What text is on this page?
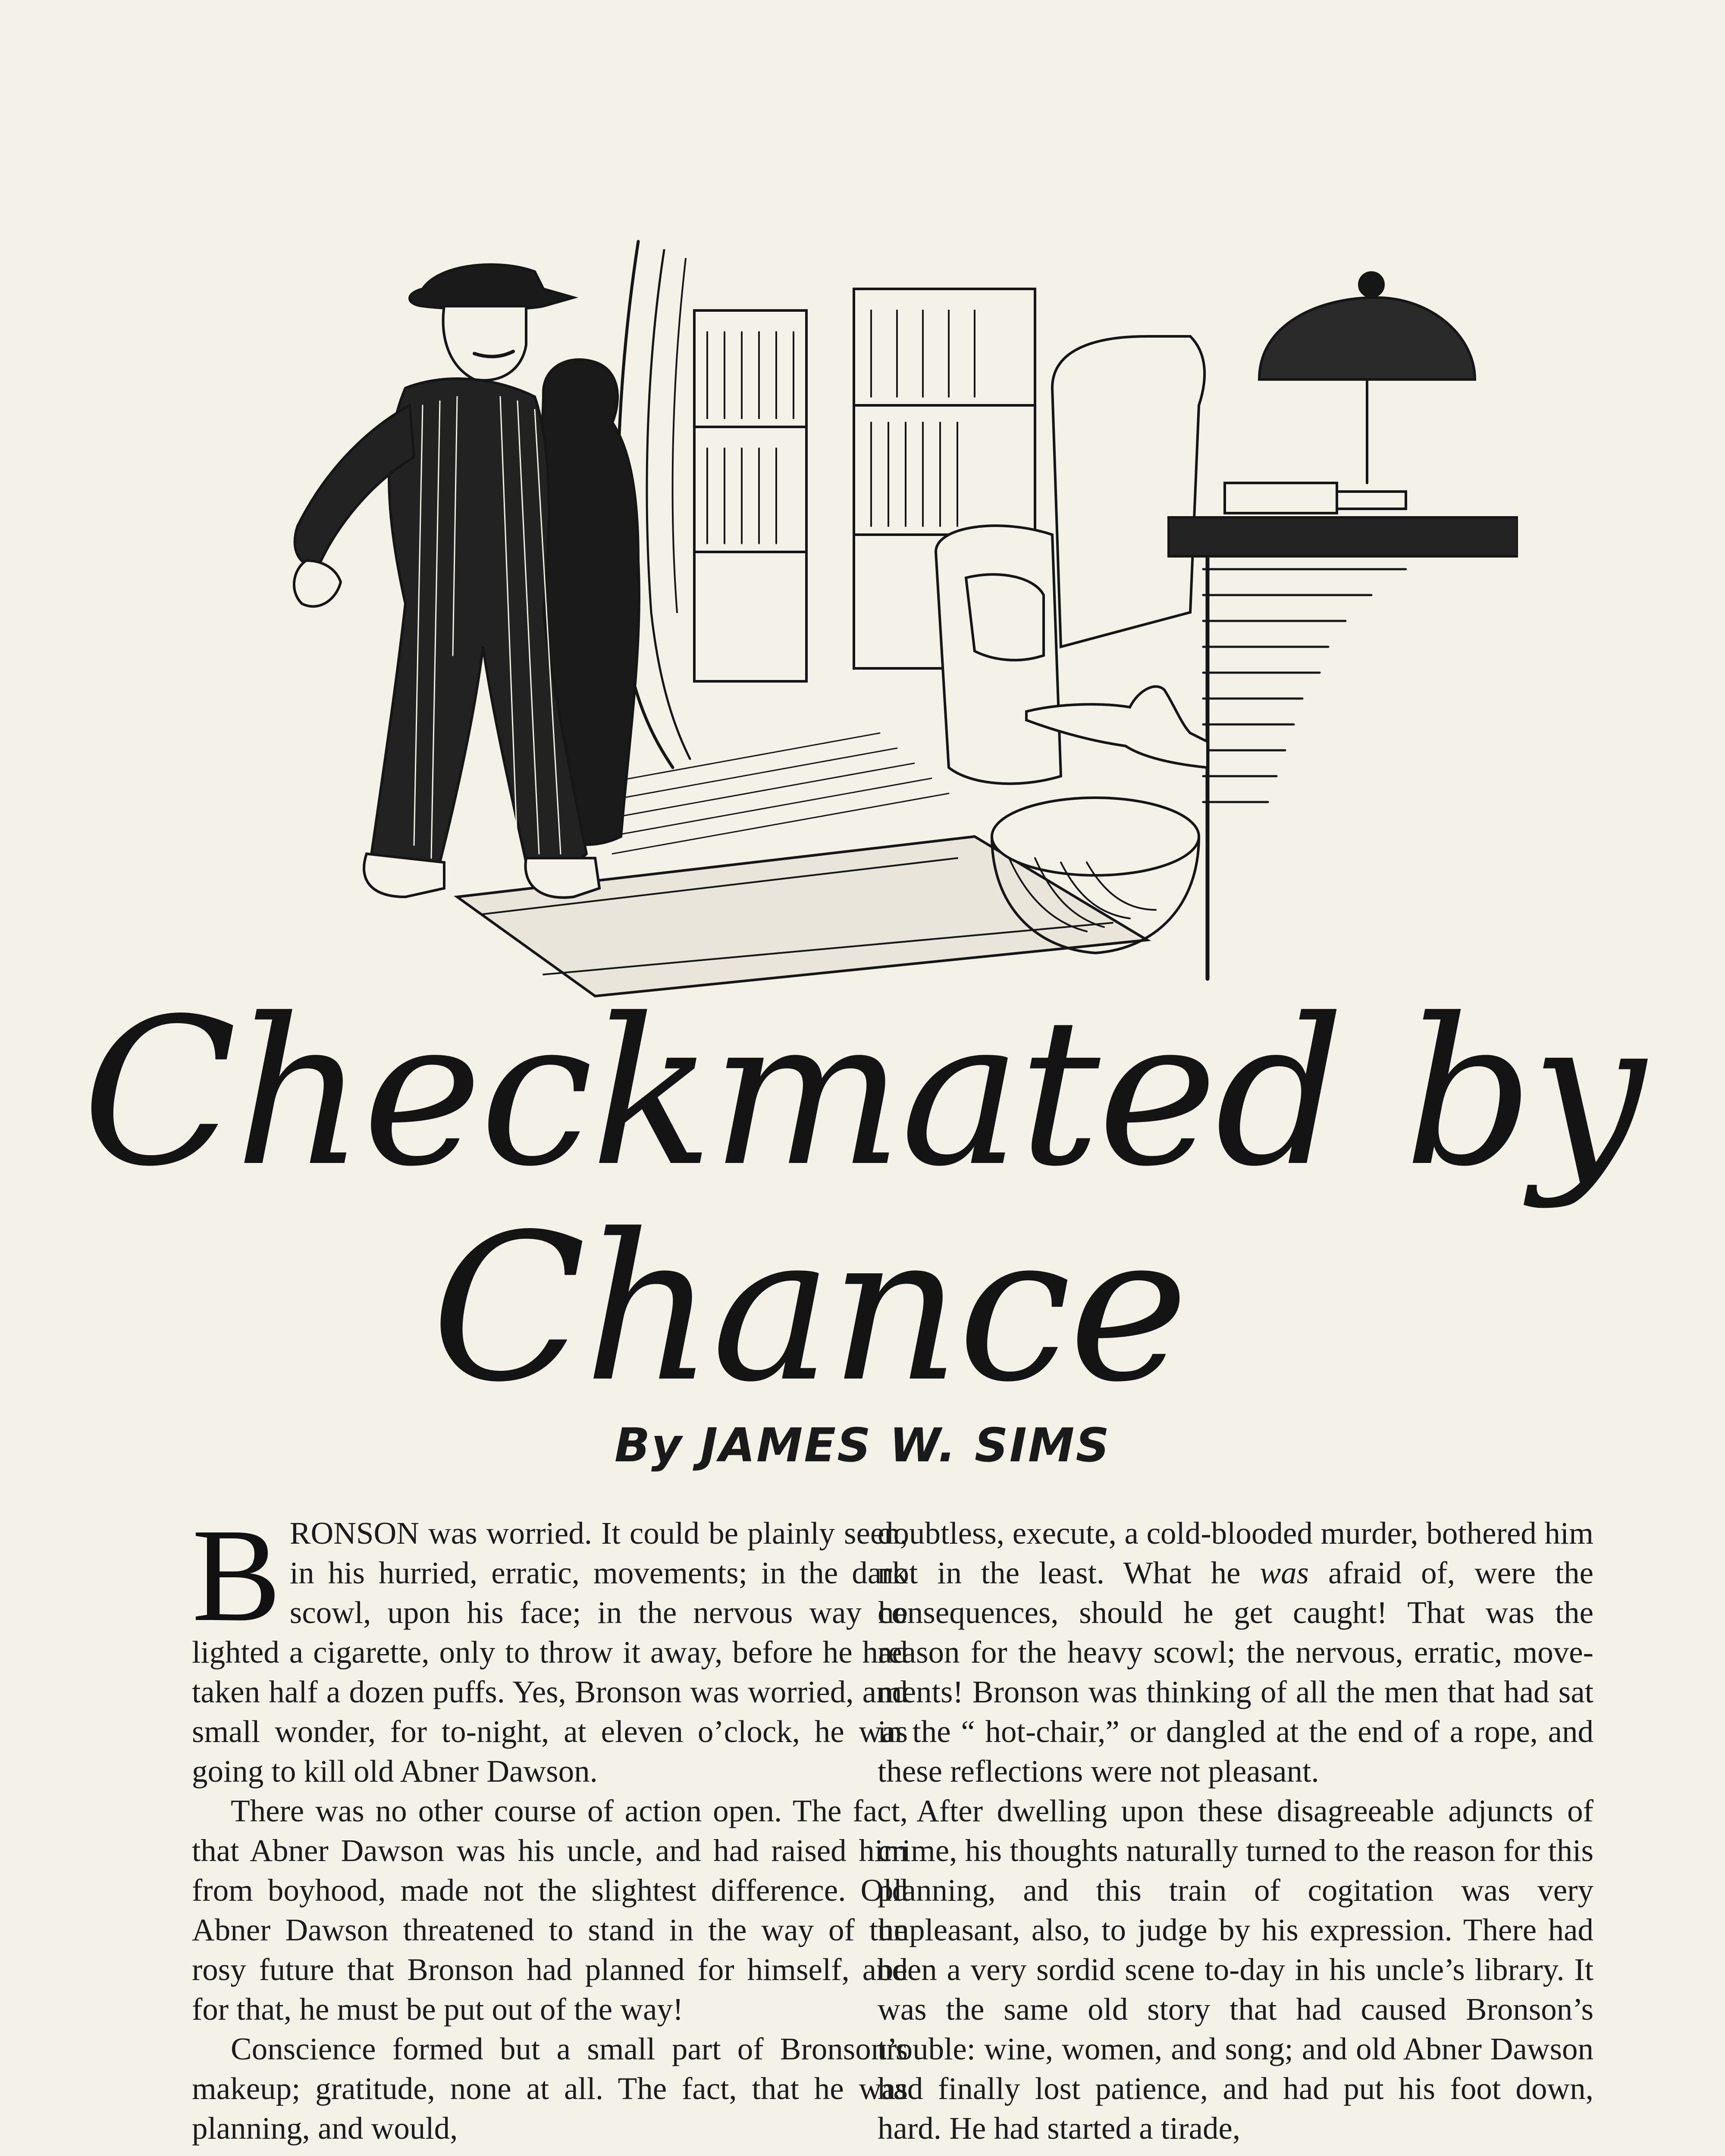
Checkmated by
Chance
By JAMES W. SIMS

BRONSON was worried. It could be plainly seen, in his hurried, erratic, movements; in the dark scowl, upon his face; in the nervous way he lighted a cigarette, only to throw it away, before he had taken half a dozen puffs. Yes, Bronson was worried, and small wonder, for to-night, at eleven o’clock, he was going to kill old Abner Dawson.

There was no other course of action open. The fact, that Abner Dawson was his uncle, and had raised him from boyhood, made not the slightest difference. Old Abner Dawson threatened to stand in the way of the rosy future that Bronson had planned for himself, and for that, he must be put out of the way!

Conscience formed but a small part of Bronson’s makeup; gratitude, none at all. The fact, that he was planning, and would,

doubtless, execute, a cold-blooded murder, bothered him not in the least. What he was afraid of, were the consequences, should he get caught! That was the reason for the heavy scowl; the nervous, erratic, move-ments! Bronson was thinking of all the men that had sat in the “ hot-chair,” or dangled at the end of a rope, and these reflections were not pleasant.

After dwelling upon these disagreeable adjuncts of crime, his thoughts naturally turned to the reason for this planning, and this train of cogitation was very unpleasant, also, to judge by his expression. There had been a very sordid scene to-day in his uncle’s library. It was the same old story that had caused Bronson’s trouble: wine, women, and song; and old Abner Dawson had finally lost patience, and had put his foot down, hard. He had started a tirade,
